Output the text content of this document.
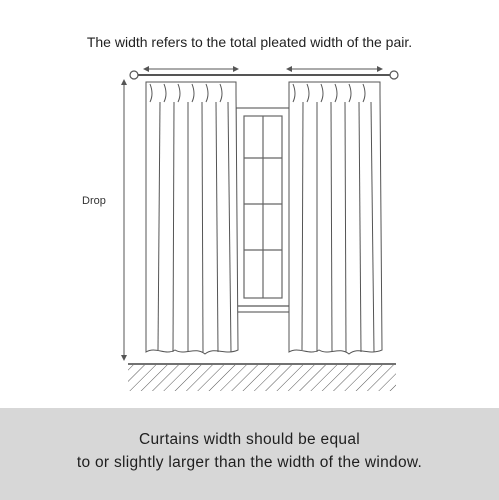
The width refers to the total pleated width of the pair.
Drop
Curtains width should be equal
to or slightly larger than the width of the window.
